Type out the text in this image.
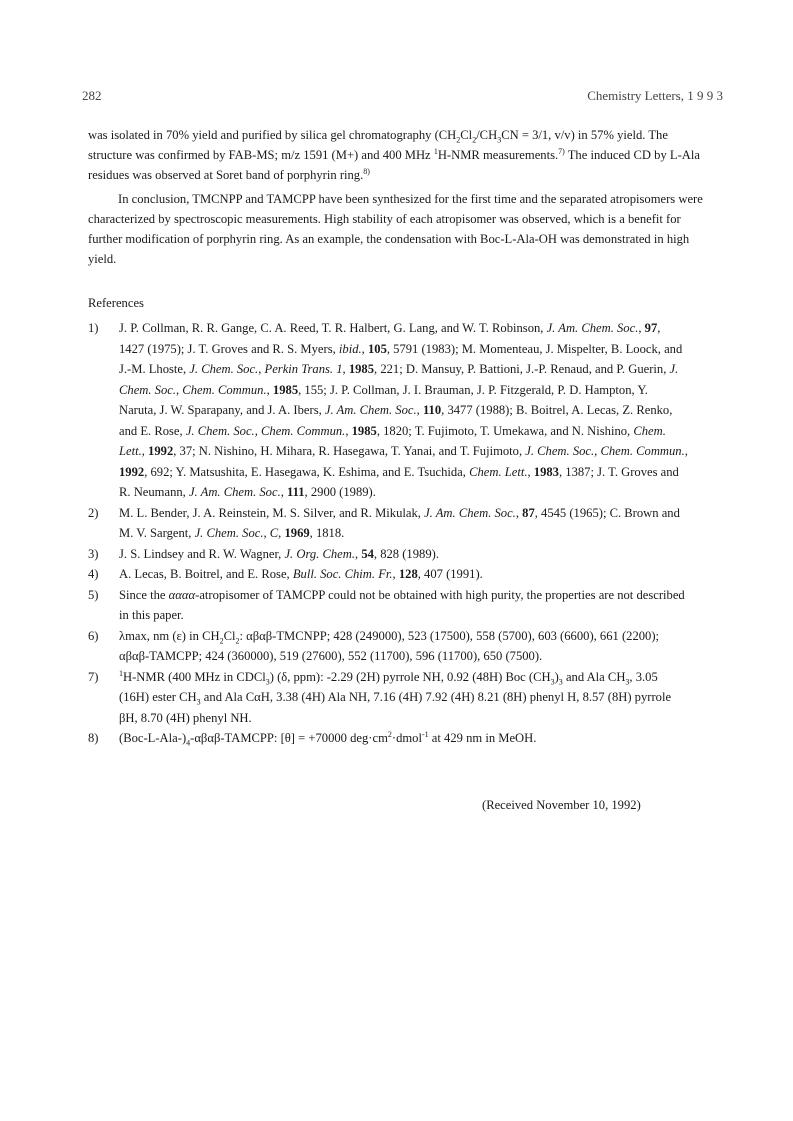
282	Chemistry Letters, 1 9 9 3
was isolated in 70% yield and purified by silica gel chromatography ($CH_2Cl_2/CH_3CN = 3/1$, v/v) in 57% yield. The structure was confirmed by FAB-MS; m/z 1591 (M+) and 400 MHz $^1$H-NMR measurements.$^{7)}$ The induced CD by L-Ala residues was observed at Soret band of porphyrin ring.$^{8)}$
In conclusion, TMCNPP and TAMCPP have been synthesized for the first time and the separated atropisomers were characterized by spectroscopic measurements. High stability of each atropisomer was observed, which is a benefit for further modification of porphyrin ring. As an example, the condensation with Boc-L-Ala-OH was demonstrated in high yield.
References
1)	J. P. Collman, R. R. Gange, C. A. Reed, T. R. Halbert, G. Lang, and W. T. Robinson, J. Am. Chem. Soc., 97, 1427 (1975); J. T. Groves and R. S. Myers, ibid., 105, 5791 (1983); M. Momenteau, J. Mispelter, B. Loock, and J.-M. Lhoste, J. Chem. Soc., Perkin Trans. 1, 1985, 221; D. Mansuy, P. Battioni, J.-P. Renaud, and P. Guerin, J. Chem. Soc., Chem. Commun., 1985, 155; J. P. Collman, J. I. Brauman, J. P. Fitzgerald, P. D. Hampton, Y. Naruta, J. W. Sparapany, and J. A. Ibers, J. Am. Chem. Soc., 110, 3477 (1988); B. Boitrel, A. Lecas, Z. Renko, and E. Rose, J. Chem. Soc., Chem. Commun., 1985, 1820; T. Fujimoto, T. Umekawa, and N. Nishino, Chem. Lett., 1992, 37; N. Nishino, H. Mihara, R. Hasegawa, T. Yanai, and T. Fujimoto, J. Chem. Soc., Chem. Commun., 1992, 692; Y. Matsushita, E. Hasegawa, K. Eshima, and E. Tsuchida, Chem. Lett., 1983, 1387; J. T. Groves and R. Neumann, J. Am. Chem. Soc., 111, 2900 (1989).
2)	M. L. Bender, J. A. Reinstein, M. S. Silver, and R. Mikulak, J. Am. Chem. Soc., 87, 4545 (1965); C. Brown and M. V. Sargent, J. Chem. Soc., C, 1969, 1818.
3)	J. S. Lindsey and R. W. Wagner, J. Org. Chem., 54, 828 (1989).
4)	A. Lecas, B. Boitrel, and E. Rose, Bull. Soc. Chim. Fr., 128, 407 (1991).
5)	Since the αααα-atropisomer of TAMCPP could not be obtained with high purity, the properties are not described in this paper.
6)	λmax, nm (ε) in $CH_2Cl_2$: αβαβ-TMCNPP; 428 (249000), 523 (17500), 558 (5700), 603 (6600), 661 (2200); αβαβ-TAMCPP; 424 (360000), 519 (27600), 552 (11700), 596 (11700), 650 (7500).
7)	$^1$H-NMR (400 MHz in CDCl$_3$) (δ, ppm): -2.29 (2H) pyrrole NH, 0.92 (48H) Boc $(CH_3)_3$ and Ala $CH_3$, 3.05 (16H) ester $CH_3$ and Ala CαH, 3.38 (4H) Ala NH, 7.16 (4H) 7.92 (4H) 8.21 (8H) phenyl H, 8.57 (8H) pyrrole βH, 8.70 (4H) phenyl NH.
8)	$(Boc-L-Ala-)_4-\alpha\beta\alpha\beta$-TAMCPP: [θ] = +70000 $deg\cdot cm^2\cdot dmol^{-1}$ at 429 nm in MeOH.
(Received November 10, 1992)
